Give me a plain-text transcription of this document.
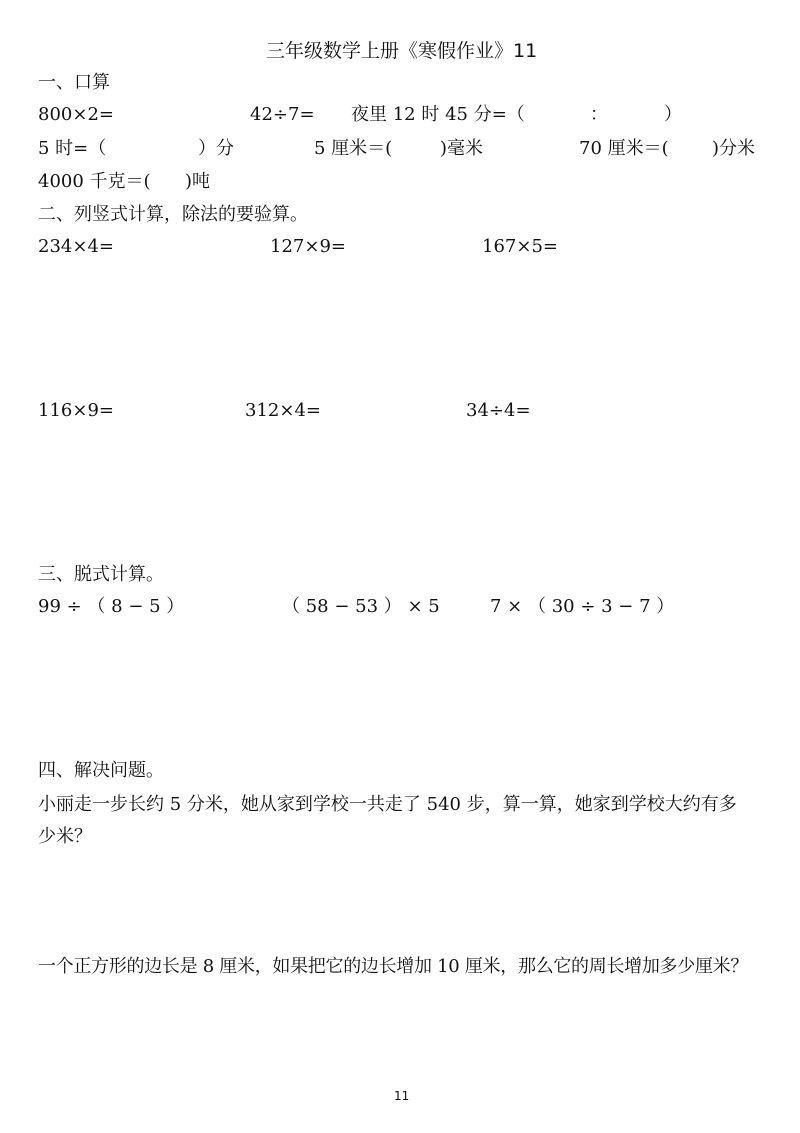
三年级数学上册《寒假作业》11
一、口算
800×2=	42÷7= 夜里 12 时 45 分=（	：	）
5 时=（	）分	5 厘米＝(	)毫米	70 厘米＝( )分米
4000 千克＝( )吨
二、列竖式计算，除法的要验算。
234×4=	127×9=	167×5=
116×9=	312×4=	34÷4=
三、脱式计算。
99 ÷ （ 8 − 5 ）	（ 58 − 53 ） × 5	7 × （ 30 ÷ 3 − 7 ）
四、解决问题。
小丽走一步长约 5 分米，她从家到学校一共走了 540 步，算一算，她家到学校大约有多
少米？
一个正方形的边长是 8 厘米，如果把它的边长增加 10 厘米，那么它的周长增加多少厘米？
11
